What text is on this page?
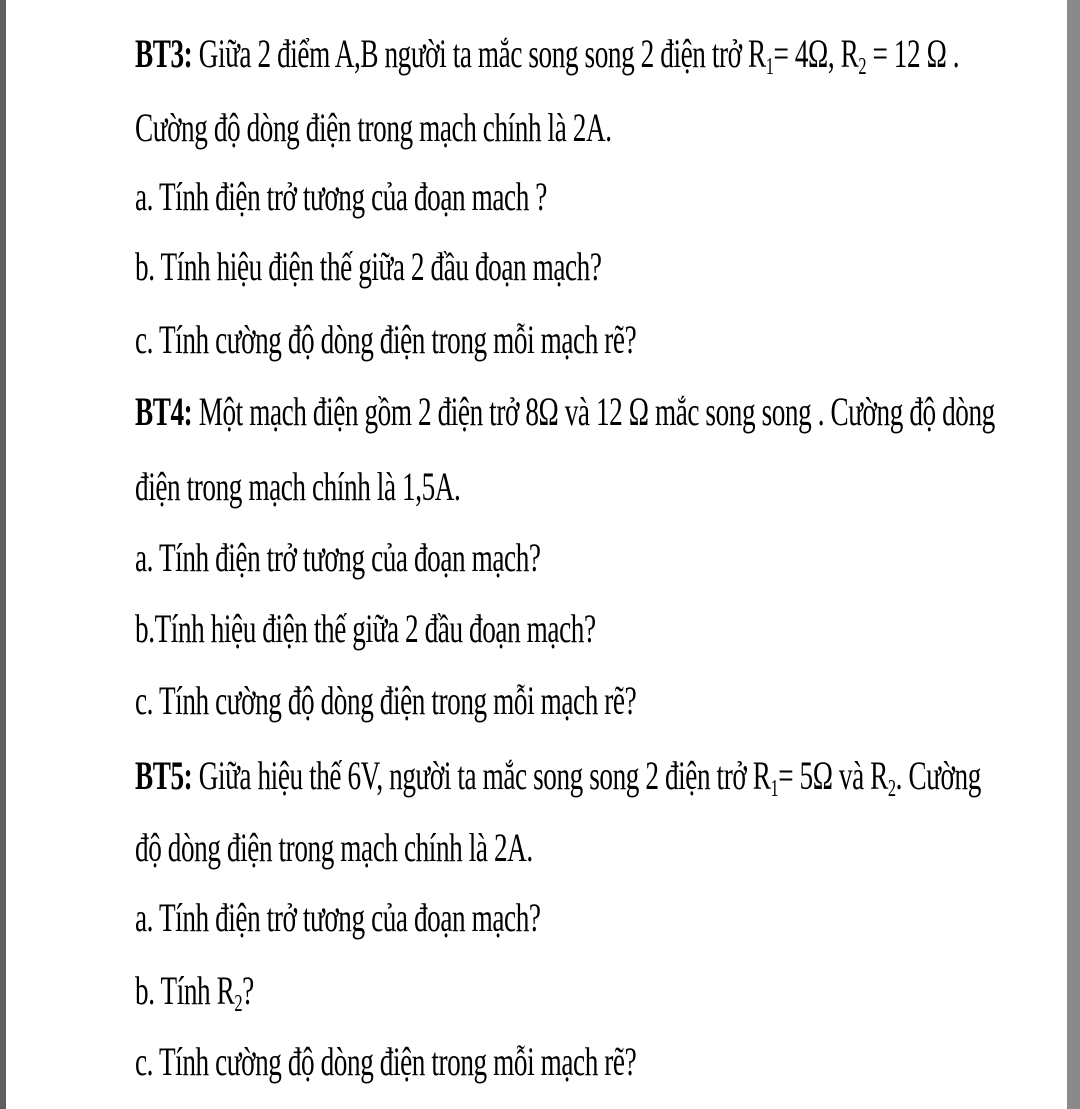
BT3: Giữa 2 điểm A,B người ta mắc song song 2 điện trở $R_1= 4\Omega$, $R_2 = 12$ Ω .
Cường độ dòng điện trong mạch chính là 2A.
a. Tính điện trở tương của đoạn mach ?
b. Tính hiệu điện thế giữa 2 đầu đoạn mạch?
c. Tính cường độ dòng điện trong mỗi mạch rẽ?
BT4: Một mạch điện gồm 2 điện trở 8Ω và 12 Ω mắc song song . Cường độ dòng
điện trong mạch chính là 1,5A.
a. Tính điện trở tương của đoạn mạch?
b.Tính hiệu điện thế giữa 2 đầu đoạn mạch?
c. Tính cường độ dòng điện trong mỗi mạch rẽ?
BT5: Giữa hiệu thế 6V, người ta mắc song song 2 điện trở $R_1= 5\Omega$ và $R_2$. Cường
độ dòng điện trong mạch chính là 2A.
a. Tính điện trở tương của đoạn mạch?
b. Tính $R_2$?
c. Tính cường độ dòng điện trong mỗi mạch rẽ?
